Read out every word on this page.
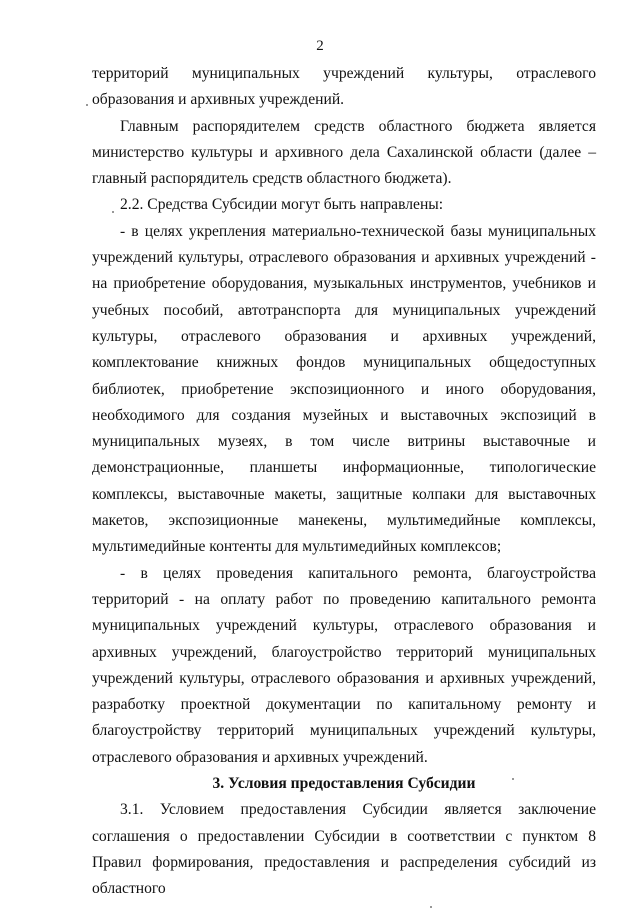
2

территорий муниципальных учреждений культуры, отраслевого образования и архивных учреждений.

Главным распорядителем средств областного бюджета является министерство культуры и архивного дела Сахалинской области (далее – главный распорядитель средств областного бюджета).

2.2. Средства Субсидии могут быть направлены:

- в целях укрепления материально-технической базы муниципальных учреждений культуры, отраслевого образования и архивных учреждений - на приобретение оборудования, музыкальных инструментов, учебников и учебных пособий, автотранспорта для муниципальных учреждений культуры, отраслевого образования и архивных учреждений, комплектование книжных фондов муниципальных общедоступных библиотек, приобретение экспозиционного и иного оборудования, необходимого для создания музейных и выставочных экспозиций в муниципальных музеях, в том числе витрины выставочные и демонстрационные, планшеты информационные, типологические комплексы, выставочные макеты, защитные колпаки для выставочных макетов, экспозиционные манекены, мультимедийные комплексы, мультимедийные контенты для мультимедийных комплексов;

- в целях проведения капитального ремонта, благоустройства территорий - на оплату работ по проведению капитального ремонта муниципальных учреждений культуры, отраслевого образования и архивных учреждений, благоустройство территорий муниципальных учреждений культуры, отраслевого образования и архивных учреждений, разработку проектной документации по капитальному ремонту и благоустройству территорий муниципальных учреждений культуры, отраслевого образования и архивных учреждений.

3. Условия предоставления Субсидии

3.1. Условием предоставления Субсидии является заключение соглашения о предоставлении Субсидии в соответствии с пунктом 8 Правил формирования, предоставления и распределения субсидий из областного
